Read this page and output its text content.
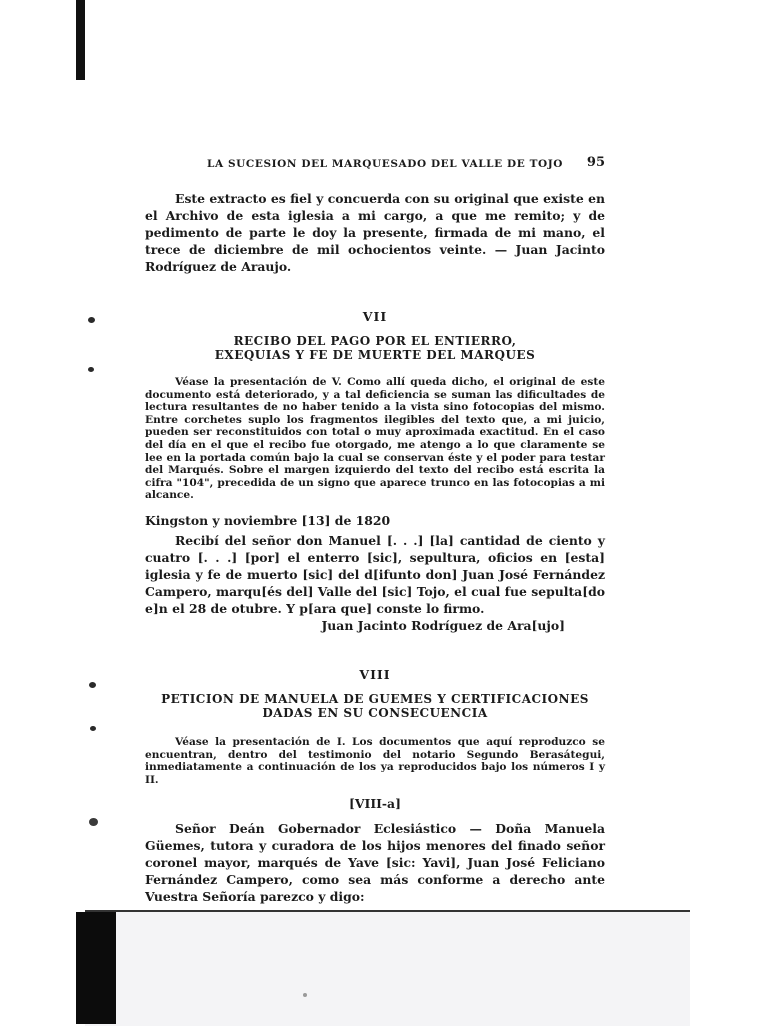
LA SUCESION DEL MARQUESADO DEL VALLE DE TOJO 95

Este extracto es fiel y concuerda con su original que existe en el Archivo de esta iglesia a mi cargo, a que me remito; y de pedimento de parte le doy la presente, firmada de mi mano, el trece de diciembre de mil ochocientos veinte. — Juan Jacinto Rodríguez de Araujo.

VII
RECIBO DEL PAGO POR EL ENTIERRO,
EXEQUIAS Y FE DE MUERTE DEL MARQUES

Véase la presentación de V. Como allí queda dicho, el original de este documento está deteriorado, y a tal deficiencia se suman las dificultades de lectura resultantes de no haber tenido a la vista sino fotocopias del mismo. Entre corchetes suplo los fragmentos ilegibles del texto que, a mi juicio, pueden ser reconstituidos con total o muy aproximada exactitud. En el caso del día en el que el recibo fue otorgado, me atengo a lo que claramente se lee en la portada común bajo la cual se conservan éste y el poder para testar del Marqués. Sobre el margen izquierdo del texto del recibo está escrita la cifra "104", precedida de un signo que aparece trunco en las fotocopias a mi alcance.

Kingston y noviembre [13] de 1820

Recibí del señor don Manuel [. . .] [la] cantidad de ciento y cuatro [. . .] [por] el enterro [sic], sepultura, oficios en [esta] iglesia y fe de muerto [sic] del d[ifunto don] Juan José Fernández Campero, marqu[és del] Valle del [sic] Tojo, el cual fue sepulta[do e]n el 28 de otubre. Y p[ara que] conste lo firmo.

Juan Jacinto Rodríguez de Ara[ujo]
VIII
PETICION DE MANUELA DE GUEMES Y CERTIFICACIONES
DADAS EN SU CONSECUENCIA

Véase la presentación de I. Los documentos que aquí reproduzco se encuentran, dentro del testimonio del notario Segundo Berasátegui, inmediatamente a continuación de los ya reproducidos bajo los números I y II.

[VIII-a]

Señor Deán Gobernador Eclesiástico — Doña Manuela Güemes, tutora y curadora de los hijos menores del finado señor coronel mayor, marqués de Yave [sic: Yavi], Juan José Feliciano Fernández Campero, como sea más conforme a derecho ante Vuestra Señoría parezco y digo:
